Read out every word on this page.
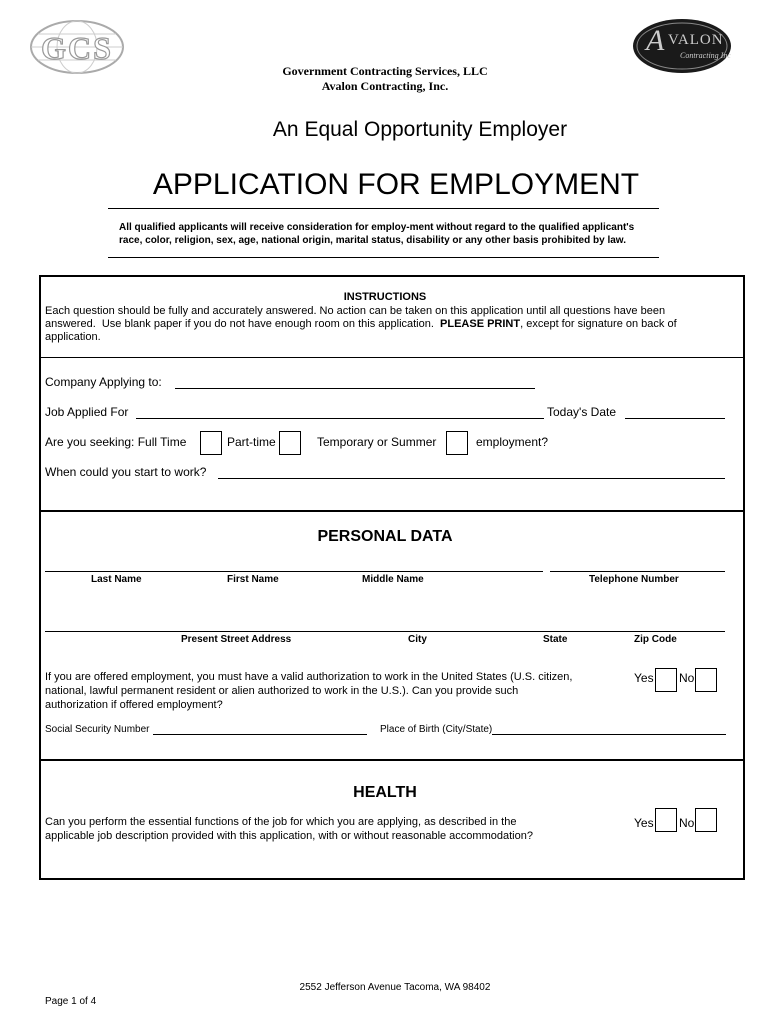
GCS	A VALON
Contracting Inc
Government Contracting Services, LLC
Avalon Contracting, Inc.
An Equal Opportunity Employer
APPLICATION FOR EMPLOYMENT
All qualified applicants will receive consideration for employ-ment without regard to the qualified applicant's
race, color, religion, sex, age, national origin, marital status, disability or any other basis prohibited by law.
INSTRUCTIONS
Each question should be fully and accurately answered. No action can be taken on this application until all questions have been
answered.  Use blank paper if you do not have enough room on this application.  PLEASE PRINT, except for signature on back of
application.
Company Applying to:
Job Applied For	Today's Date
Are you seeking: Full Time	Part-time	Temporary or Summer	employment?
When could you start to work?
PERSONAL DATA
Last Name	First Name	Middle Name	Telephone Number
Present Street Address	City	State	Zip Code
If you are offered employment, you must have a valid authorization to work in the United States (U.S. citizen,
national, lawful permanent resident or alien authorized to work in the U.S.). Can you provide such
authorization if offered employment?
Yes No
Social Security Number	Place of Birth (City/State)
HEALTH
Can you perform the essential functions of the job for which you are applying, as described in the
applicable job description provided with this application, with or without reasonable accommodation?
Yes No
2552 Jefferson Avenue Tacoma, WA 98402
Page 1 of 4
